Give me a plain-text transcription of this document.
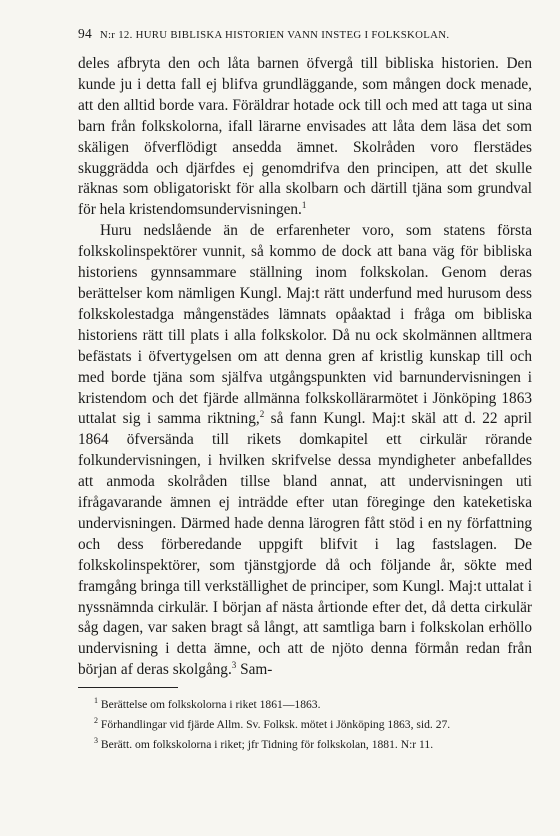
94 N:r 12. HURU BIBLISKA HISTORIEN VANN INSTEG I FOLKSKOLAN.

deles afbryta den och låta barnen öfvergå till bibliska historien. Den kunde ju i detta fall ej blifva grundläggande, som mången dock menade, att den alltid borde vara. Föräldrar hotade ock till och med att taga ut sina barn från folkskolorna, ifall lärarne envisades att låta dem läsa det som skäligen öfverflödigt ansedda ämnet. Skolråden voro flerstädes skuggrädda och djärfdes ej genomdrifva den principen, att det skulle räknas som obligatoriskt för alla skolbarn och därtill tjäna som grundval för hela kristendomsundervisningen.$^1$

Huru nedslående än de erfarenheter voro, som statens första folkskolinspektörer vunnit, så kommo de dock att bana väg för bibliska historiens gynnsammare ställning inom folkskolan. Genom deras berättelser kom nämligen Kungl. Maj:t rätt underfund med hurusom dess folkskolestadga mångenstädes lämnats opåaktad i fråga om bibliska historiens rätt till plats i alla folkskolor. Då nu ock skolmännen alltmera befästats i öfvertygelsen om att denna gren af kristlig kunskap till och med borde tjäna som själfva utgångspunkten vid barnundervisningen i kristendom och det fjärde allmänna folkskollärarmötet i Jönköping 1863 uttalat sig i samma riktning,$^2$ så fann Kungl. Maj:t skäl att d. 22 april 1864 öfversända till rikets domkapitel ett cirkulär rörande folkundervisningen, i hvilken skrifvelse dessa myndigheter anbefalldes att anmoda skolråden tillse bland annat, att undervisningen uti ifrågavarande ämnen ej inträdde efter utan föreginge den kateketiska undervisningen. Därmed hade denna lärogren fått stöd i en ny författning och dess förberedande uppgift blifvit i lag fastslagen. De folkskolinspektörer, som tjänstgjorde då och följande år, sökte med framgång bringa till verkställighet de principer, som Kungl. Maj:t uttalat i nyssnämnda cirkulär. I början af nästa årtionde efter det, då detta cirkulär såg dagen, var saken bragt så långt, att samtliga barn i folkskolan erhöllo undervisning i detta ämne, och att de njöto denna förmån redan från början af deras skolgång.$^3$ Sam-

$^1$ Berättelse om folkskolorna i riket 1861—1863.

$^2$ Förhandlingar vid fjärde Allm. Sv. Folksk. mötet i Jönköping 1863, sid. 27.

$^3$ Berätt. om folkskolorna i riket; jfr Tidning för folkskolan, 1881. N:r 11.
